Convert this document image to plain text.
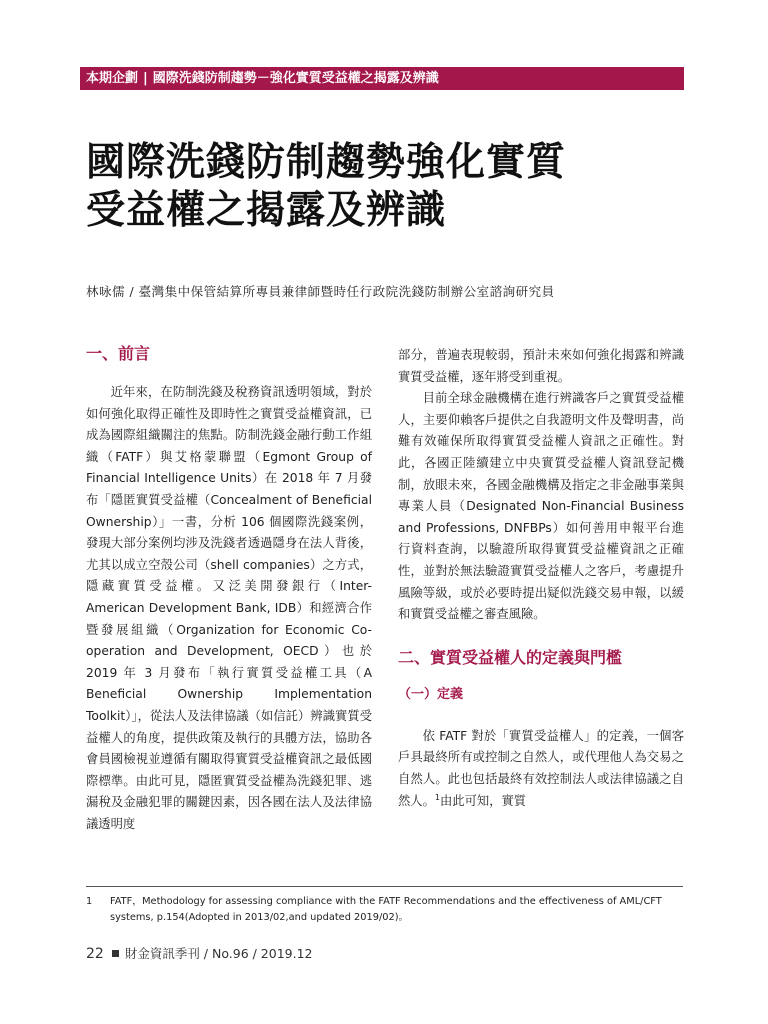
本期企劃 | 國際洗錢防制趨勢－強化實質受益權之揭露及辨識
國際洗錢防制趨勢強化實質
受益權之揭露及辨識
林咏儒 / 臺灣集中保管結算所專員兼律師暨時任行政院洗錢防制辦公室諮詢研究員
一、前言

近年來，在防制洗錢及稅務資訊透明領域，對於如何強化取得正確性及即時性之實質受益權資訊，已成為國際組織關注的焦點。防制洗錢金融行動工作組織（FATF）與艾格蒙聯盟（Egmont Group of Financial Intelligence Units）在 2018 年 7 月發布「隱匿實質受益權（Concealment of Beneficial Ownership）」一書，分析 106 個國際洗錢案例，發現大部分案例均涉及洗錢者透過隱身在法人背後，尤其以成立空殼公司（shell companies）之方式，隱藏實質受益權。又泛美開發銀行（Inter-American Development Bank, IDB）和經濟合作暨發展組織（Organization for Economic Co-operation and Development, OECD）也於 2019 年 3 月發布「執行實質受益權工具（A Beneficial Ownership Implementation Toolkit）」，從法人及法律協議（如信託）辨識實質受益權人的角度，提供政策及執行的具體方法，協助各會員國檢視並遵循有關取得實質受益權資訊之最低國際標準。由此可見，隱匿實質受益權為洗錢犯罪、逃漏稅及金融犯罪的關鍵因素，因各國在法人及法律協議透明度

部分，普遍表現較弱，預計未來如何強化揭露和辨識實質受益權，逐年將受到重視。

目前全球金融機構在進行辨識客戶之實質受益權人，主要仰賴客戶提供之自我證明文件及聲明書，尚難有效確保所取得實質受益權人資訊之正確性。對此，各國正陸續建立中央實質受益權人資訊登記機制，放眼未來，各國金融機構及指定之非金融事業與專業人員（Designated Non-Financial Business and Professions, DNFBPs）如何善用申報平台進行資料查詢，以驗證所取得實質受益權資訊之正確性，並對於無法驗證實質受益權人之客戶，考慮提升風險等級，或於必要時提出疑似洗錢交易申報，以緩和實質受益權之審查風險。

二、實質受益權人的定義與門檻
（一）定義

依 FATF 對於「實質受益權人」的定義，一個客戶具最終所有或控制之自然人，或代理他人為交易之自然人。此也包括最終有效控制法人或法律協議之自然人。$^1$由此可知，實質

1 FATF，Methodology for assessing compliance with the FATF Recommendations and the effectiveness of AML/CFT systems, p.154(Adopted in 2013/02,and updated 2019/02)。
22 財金資訊季刊 / No.96 / 2019.12
